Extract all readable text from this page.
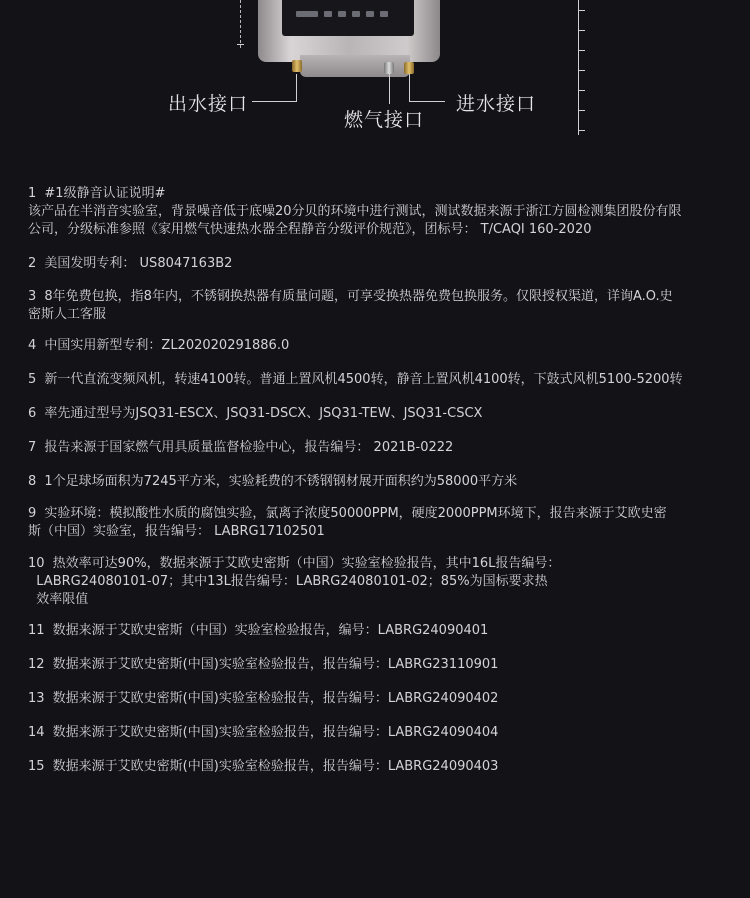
出水接口
燃气接口
进水接口
1 #1级静音认证说明#
该产品在半消音实验室，背景噪音低于底噪20分贝的环境中进行测试，测试数据来源于浙江方圆检测集团股份有限
公司，分级标准参照《家用燃气快速热水器全程静音分级评价规范》，团标号： T/CAQI 160-2020
2 美国发明专利： US8047163B2
3 8年免费包换，指8年内，不锈钢换热器有质量问题，可享受换热器免费包换服务。仅限授权渠道，详询A.O.史
密斯人工客服
4 中国实用新型专利：ZL202020291886.0
5 新一代直流变频风机，转速4100转。普通上置风机4500转，静音上置风机4100转，下鼓式风机5100-5200转
6 率先通过型号为JSQ31-ESCX、JSQ31-DSCX、JSQ31-TEW、JSQ31-CSCX
7 报告来源于国家燃气用具质量监督检验中心，报告编号： 2021B-0222
8 1个足球场面积为7245平方米，实验耗费的不锈钢钢材展开面积约为58000平方米
9 实验环境：模拟酸性水质的腐蚀实验，氯离子浓度50000PPM，硬度2000PPM环境下，报告来源于艾欧史密
斯（中国）实验室，报告编号： LABRG17102501
10 热效率可达90%，数据来源于艾欧史密斯（中国）实验室检验报告，其中16L报告编号：
LABRG24080101-07；其中13L报告编号：LABRG24080101-02；85%为国标要求热
效率限值
11 数据来源于艾欧史密斯（中国）实验室检验报告，编号：LABRG24090401
12 数据来源于艾欧史密斯(中国)实验室检验报告，报告编号：LABRG23110901
13 数据来源于艾欧史密斯(中国)实验室检验报告，报告编号：LABRG24090402
14 数据来源于艾欧史密斯(中国)实验室检验报告，报告编号：LABRG24090404
15 数据来源于艾欧史密斯(中国)实验室检验报告，报告编号：LABRG24090403
